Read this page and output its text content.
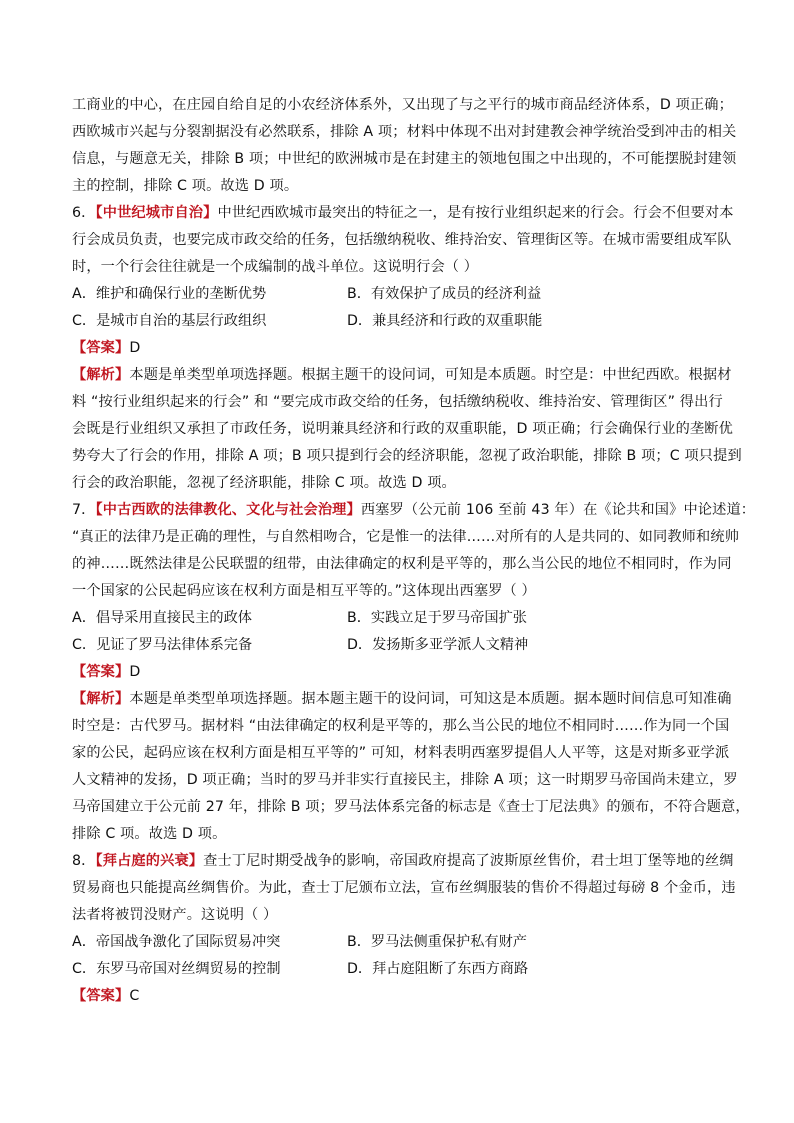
工商业的中心，在庄园自给自足的小农经济体系外，又出现了与之平行的城市商品经济体系，D 项正确；
西欧城市兴起与分裂割据没有必然联系，排除 A 项；材料中体现不出对封建教会神学统治受到冲击的相关
信息，与题意无关，排除 B 项；中世纪的欧洲城市是在封建主的领地包围之中出现的，不可能摆脱封建领
主的控制，排除 C 项。故选 D 项。
6．【中世纪城市自治】中世纪西欧城市最突出的特征之一，是有按行业组织起来的行会。行会不但要对本
行会成员负责，也要完成市政交给的任务，包括缴纳税收、维持治安、管理街区等。在城市需要组成军队
时，一个行会往往就是一个成编制的战斗单位。这说明行会（ ）
A．维护和确保行业的垄断优势	B．有效保护了成员的经济利益
C．是城市自治的基层行政组织	D．兼具经济和行政的双重职能
【答案】D
【解析】本题是单类型单项选择题。根据主题干的设问词，可知是本质题。时空是：中世纪西欧。根据材
料 “按行业组织起来的行会” 和 “要完成市政交给的任务，包括缴纳税收、维持治安、管理街区” 得出行
会既是行业组织又承担了市政任务，说明兼具经济和行政的双重职能，D 项正确；行会确保行业的垄断优
势夸大了行会的作用，排除 A 项；B 项只提到行会的经济职能，忽视了政治职能，排除 B 项；C 项只提到
行会的政治职能，忽视了经济职能，排除 C 项。故选 D 项。
7．【中古西欧的法律教化、文化与社会治理】西塞罗（公元前 106 至前 43 年）在《论共和国》中论述道：
“真正的法律乃是正确的理性，与自然相吻合，它是惟一的法律……对所有的人是共同的、如同教师和统帅
的神……既然法律是公民联盟的纽带，由法律确定的权利是平等的，那么当公民的地位不相同时，作为同
一个国家的公民起码应该在权利方面是相互平等的。”这体现出西塞罗（ ）
A．倡导采用直接民主的政体	B．实践立足于罗马帝国扩张
C．见证了罗马法律体系完备	D．发扬斯多亚学派人文精神
【答案】D
【解析】本题是单类型单项选择题。据本题主题干的设问词，可知这是本质题。据本题时间信息可知准确
时空是：古代罗马。据材料 “由法律确定的权利是平等的，那么当公民的地位不相同时……作为同一个国
家的公民，起码应该在权利方面是相互平等的” 可知，材料表明西塞罗提倡人人平等，这是对斯多亚学派
人文精神的发扬，D 项正确；当时的罗马并非实行直接民主，排除 A 项；这一时期罗马帝国尚未建立，罗
马帝国建立于公元前 27 年，排除 B 项；罗马法体系完备的标志是《查士丁尼法典》的颁布，不符合题意，
排除 C 项。故选 D 项。
8．【拜占庭的兴衰】查士丁尼时期受战争的影响，帝国政府提高了波斯原丝售价，君士坦丁堡等地的丝绸
贸易商也只能提高丝绸售价。为此，查士丁尼颁布立法，宣布丝绸服装的售价不得超过每磅 8 个金币，违
法者将被罚没财产。这说明（ ）
A．帝国战争激化了国际贸易冲突	B．罗马法侧重保护私有财产
C．东罗马帝国对丝绸贸易的控制	D．拜占庭阻断了东西方商路
【答案】C
